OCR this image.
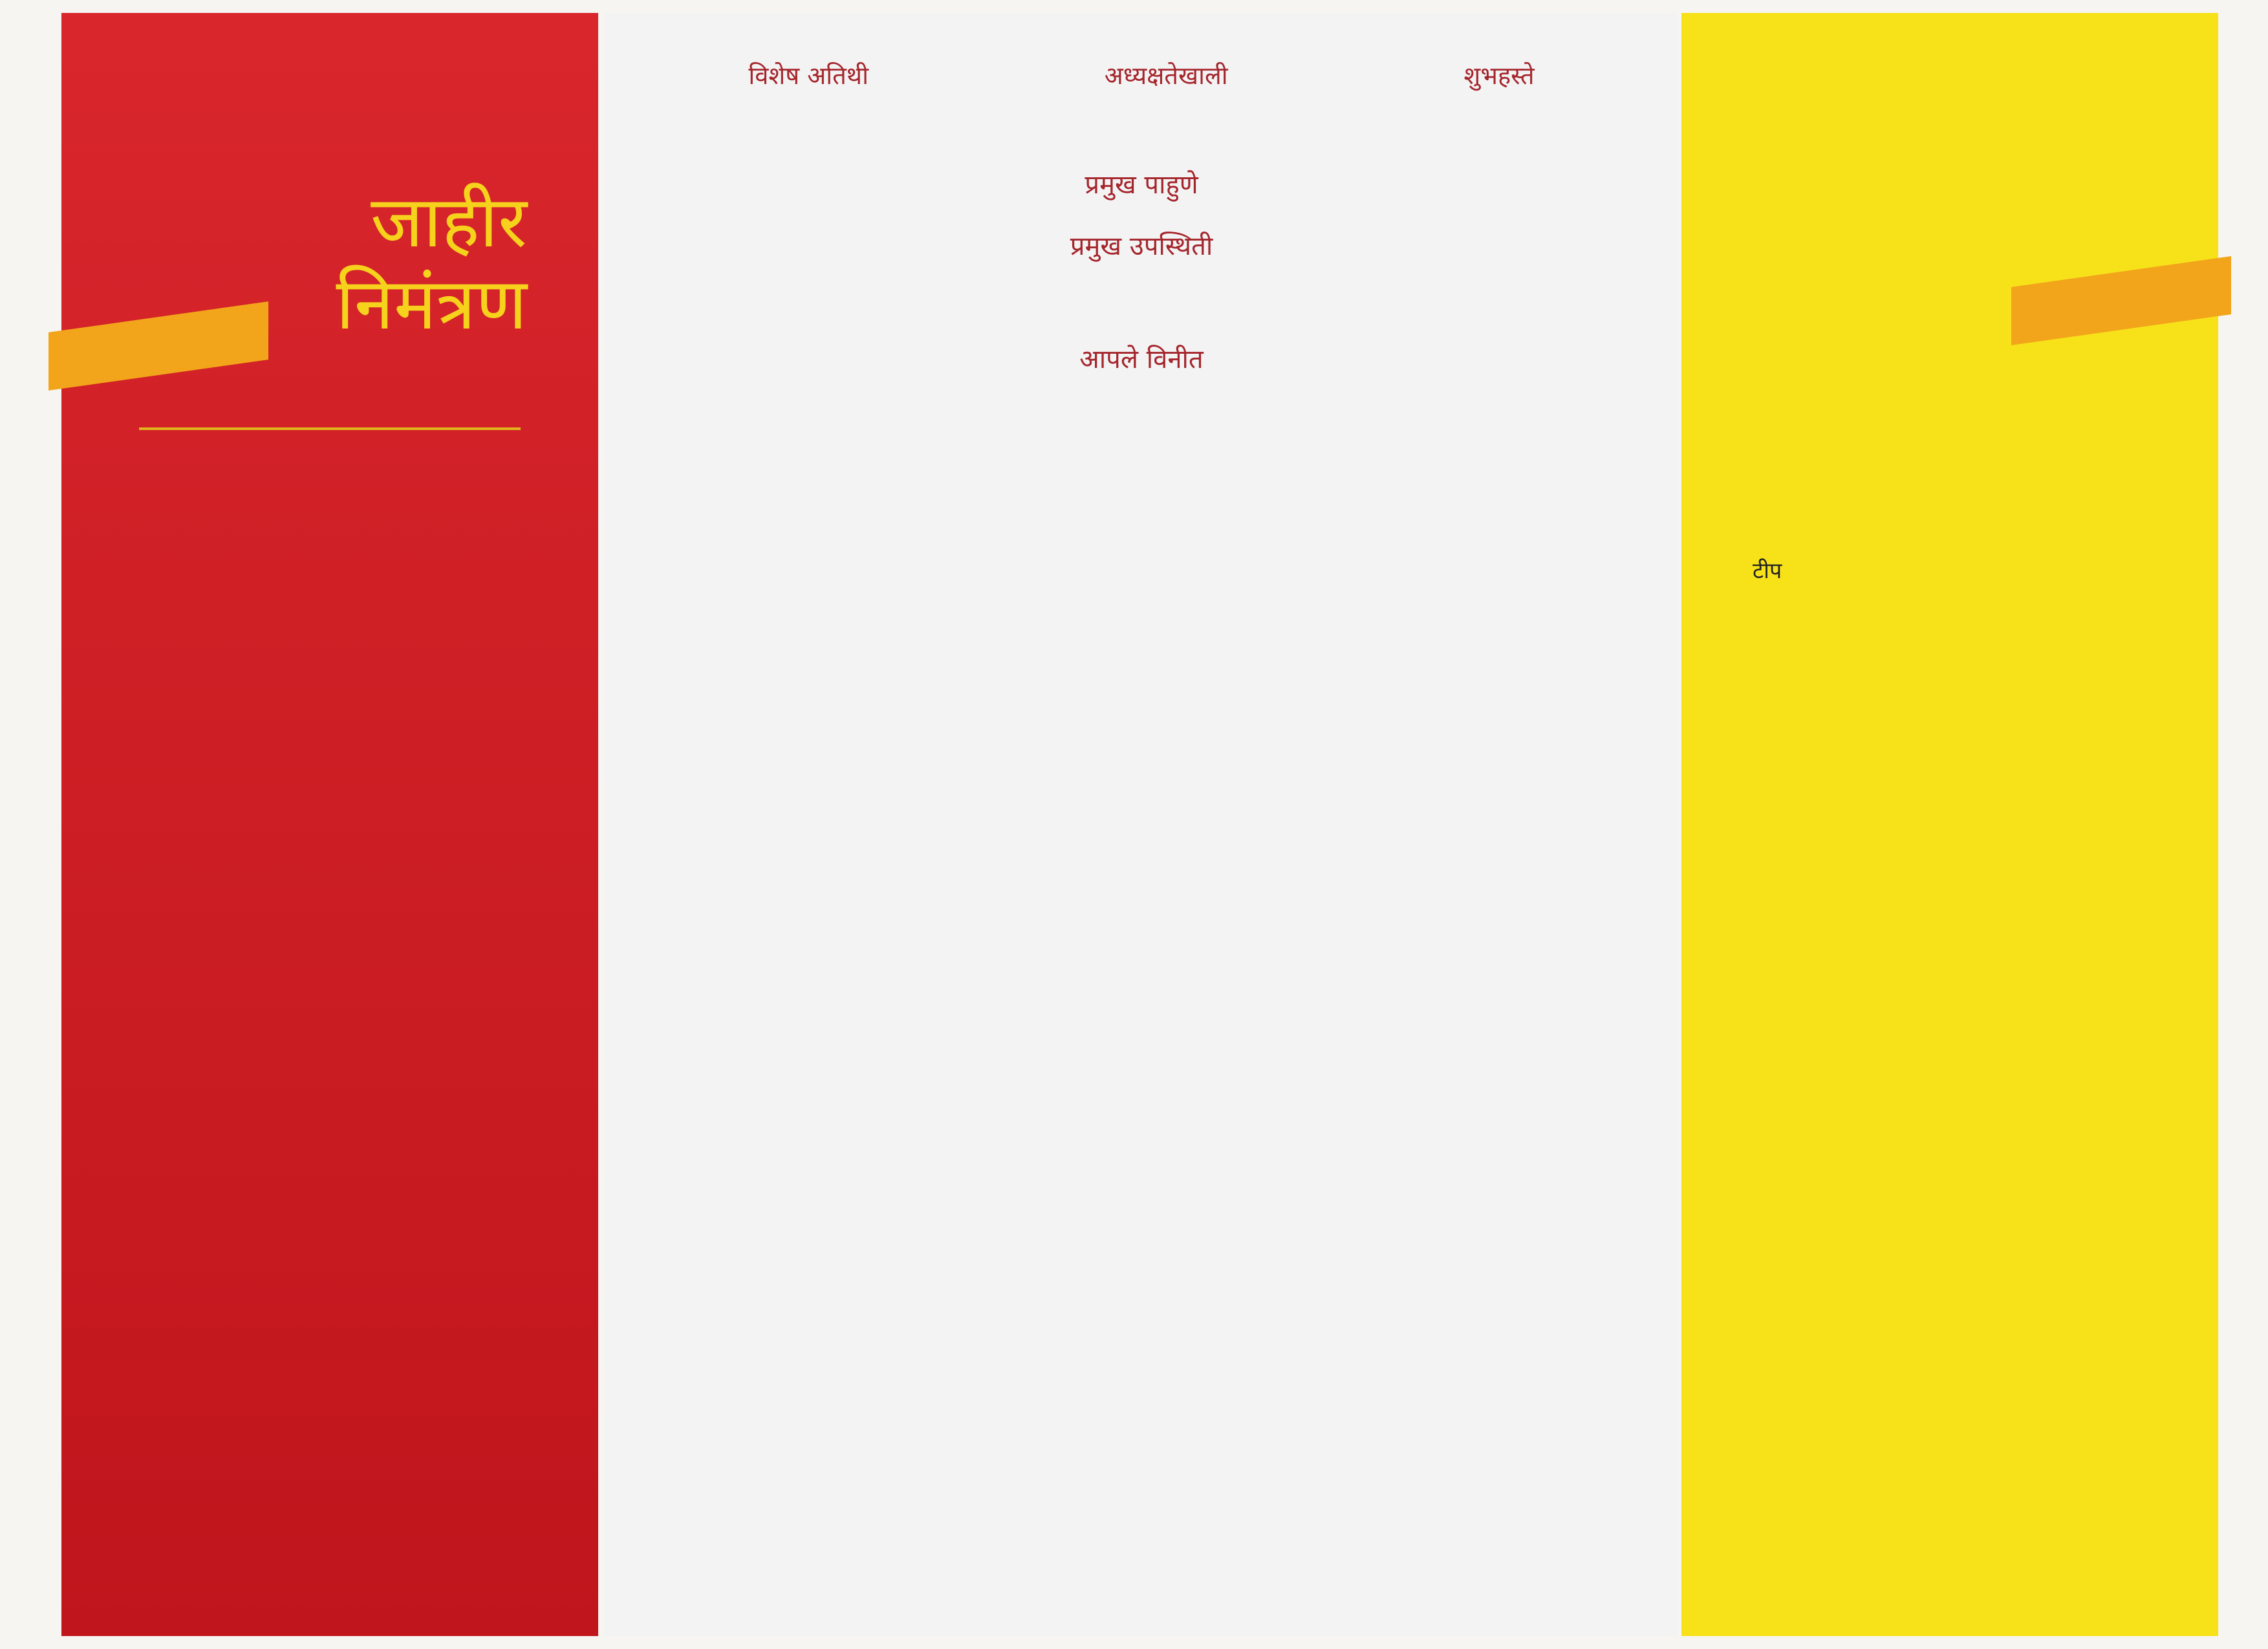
जाहीर
निमंत्रण
विशेष अतिथी	अध्यक्षतेखाली	शुभहस्ते
प्रमुख पाहुणे
प्रमुख उपस्थिती
आपले विनीत
टीप
